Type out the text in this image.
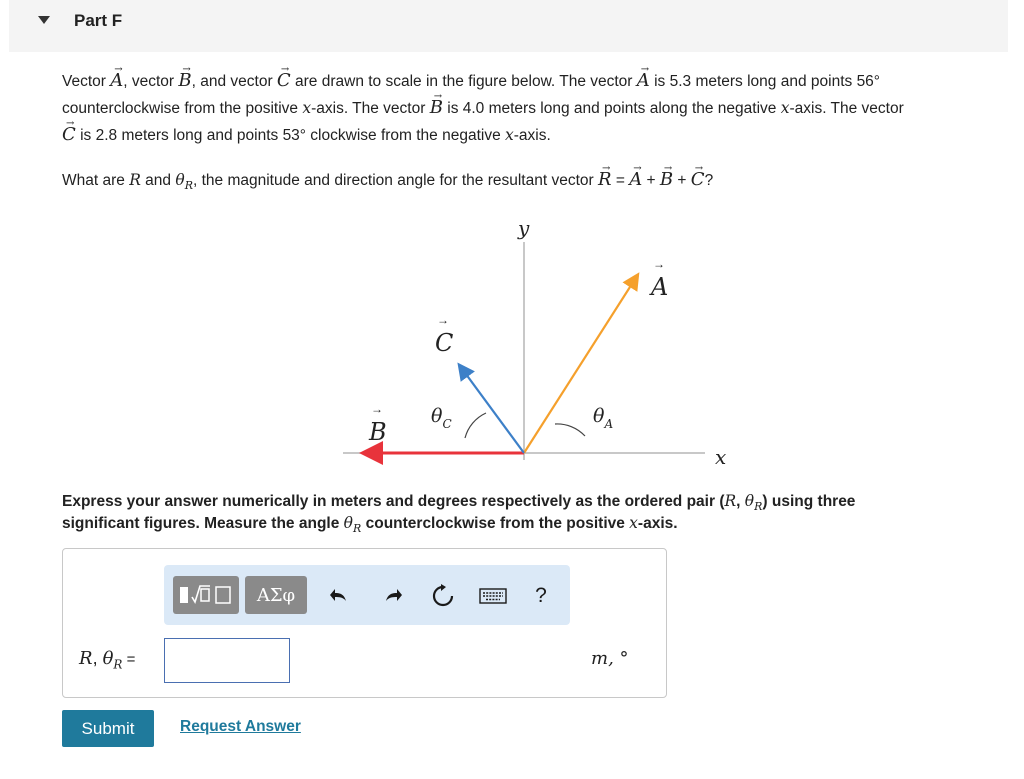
Part F
Vector → A, vector → B, and vector → C are drawn to scale in the figure below. The vector → A is 5.3 meters long and points 56°
counterclockwise from the positive x-axis. The vector → B is 4.0 meters long and points along the negative x-axis. The vector
→ C is 2.8 meters long and points 53° clockwise from the negative x-axis.
What are R and $\theta_R$, the magnitude and direction angle for the resultant vector → R = → A + → B + → C?
y
x
A
→
B
→
C
→
$\theta_A$
$\theta_C$
Express your answer numerically in meters and degrees respectively as the ordered pair (R, $\theta_R$) using three
significant figures. Measure the angle $\theta_R$ counterclockwise from the positive x-axis.
ΑΣφ	?
R, $\theta_R$ =	m, °
Submit	Request Answer
